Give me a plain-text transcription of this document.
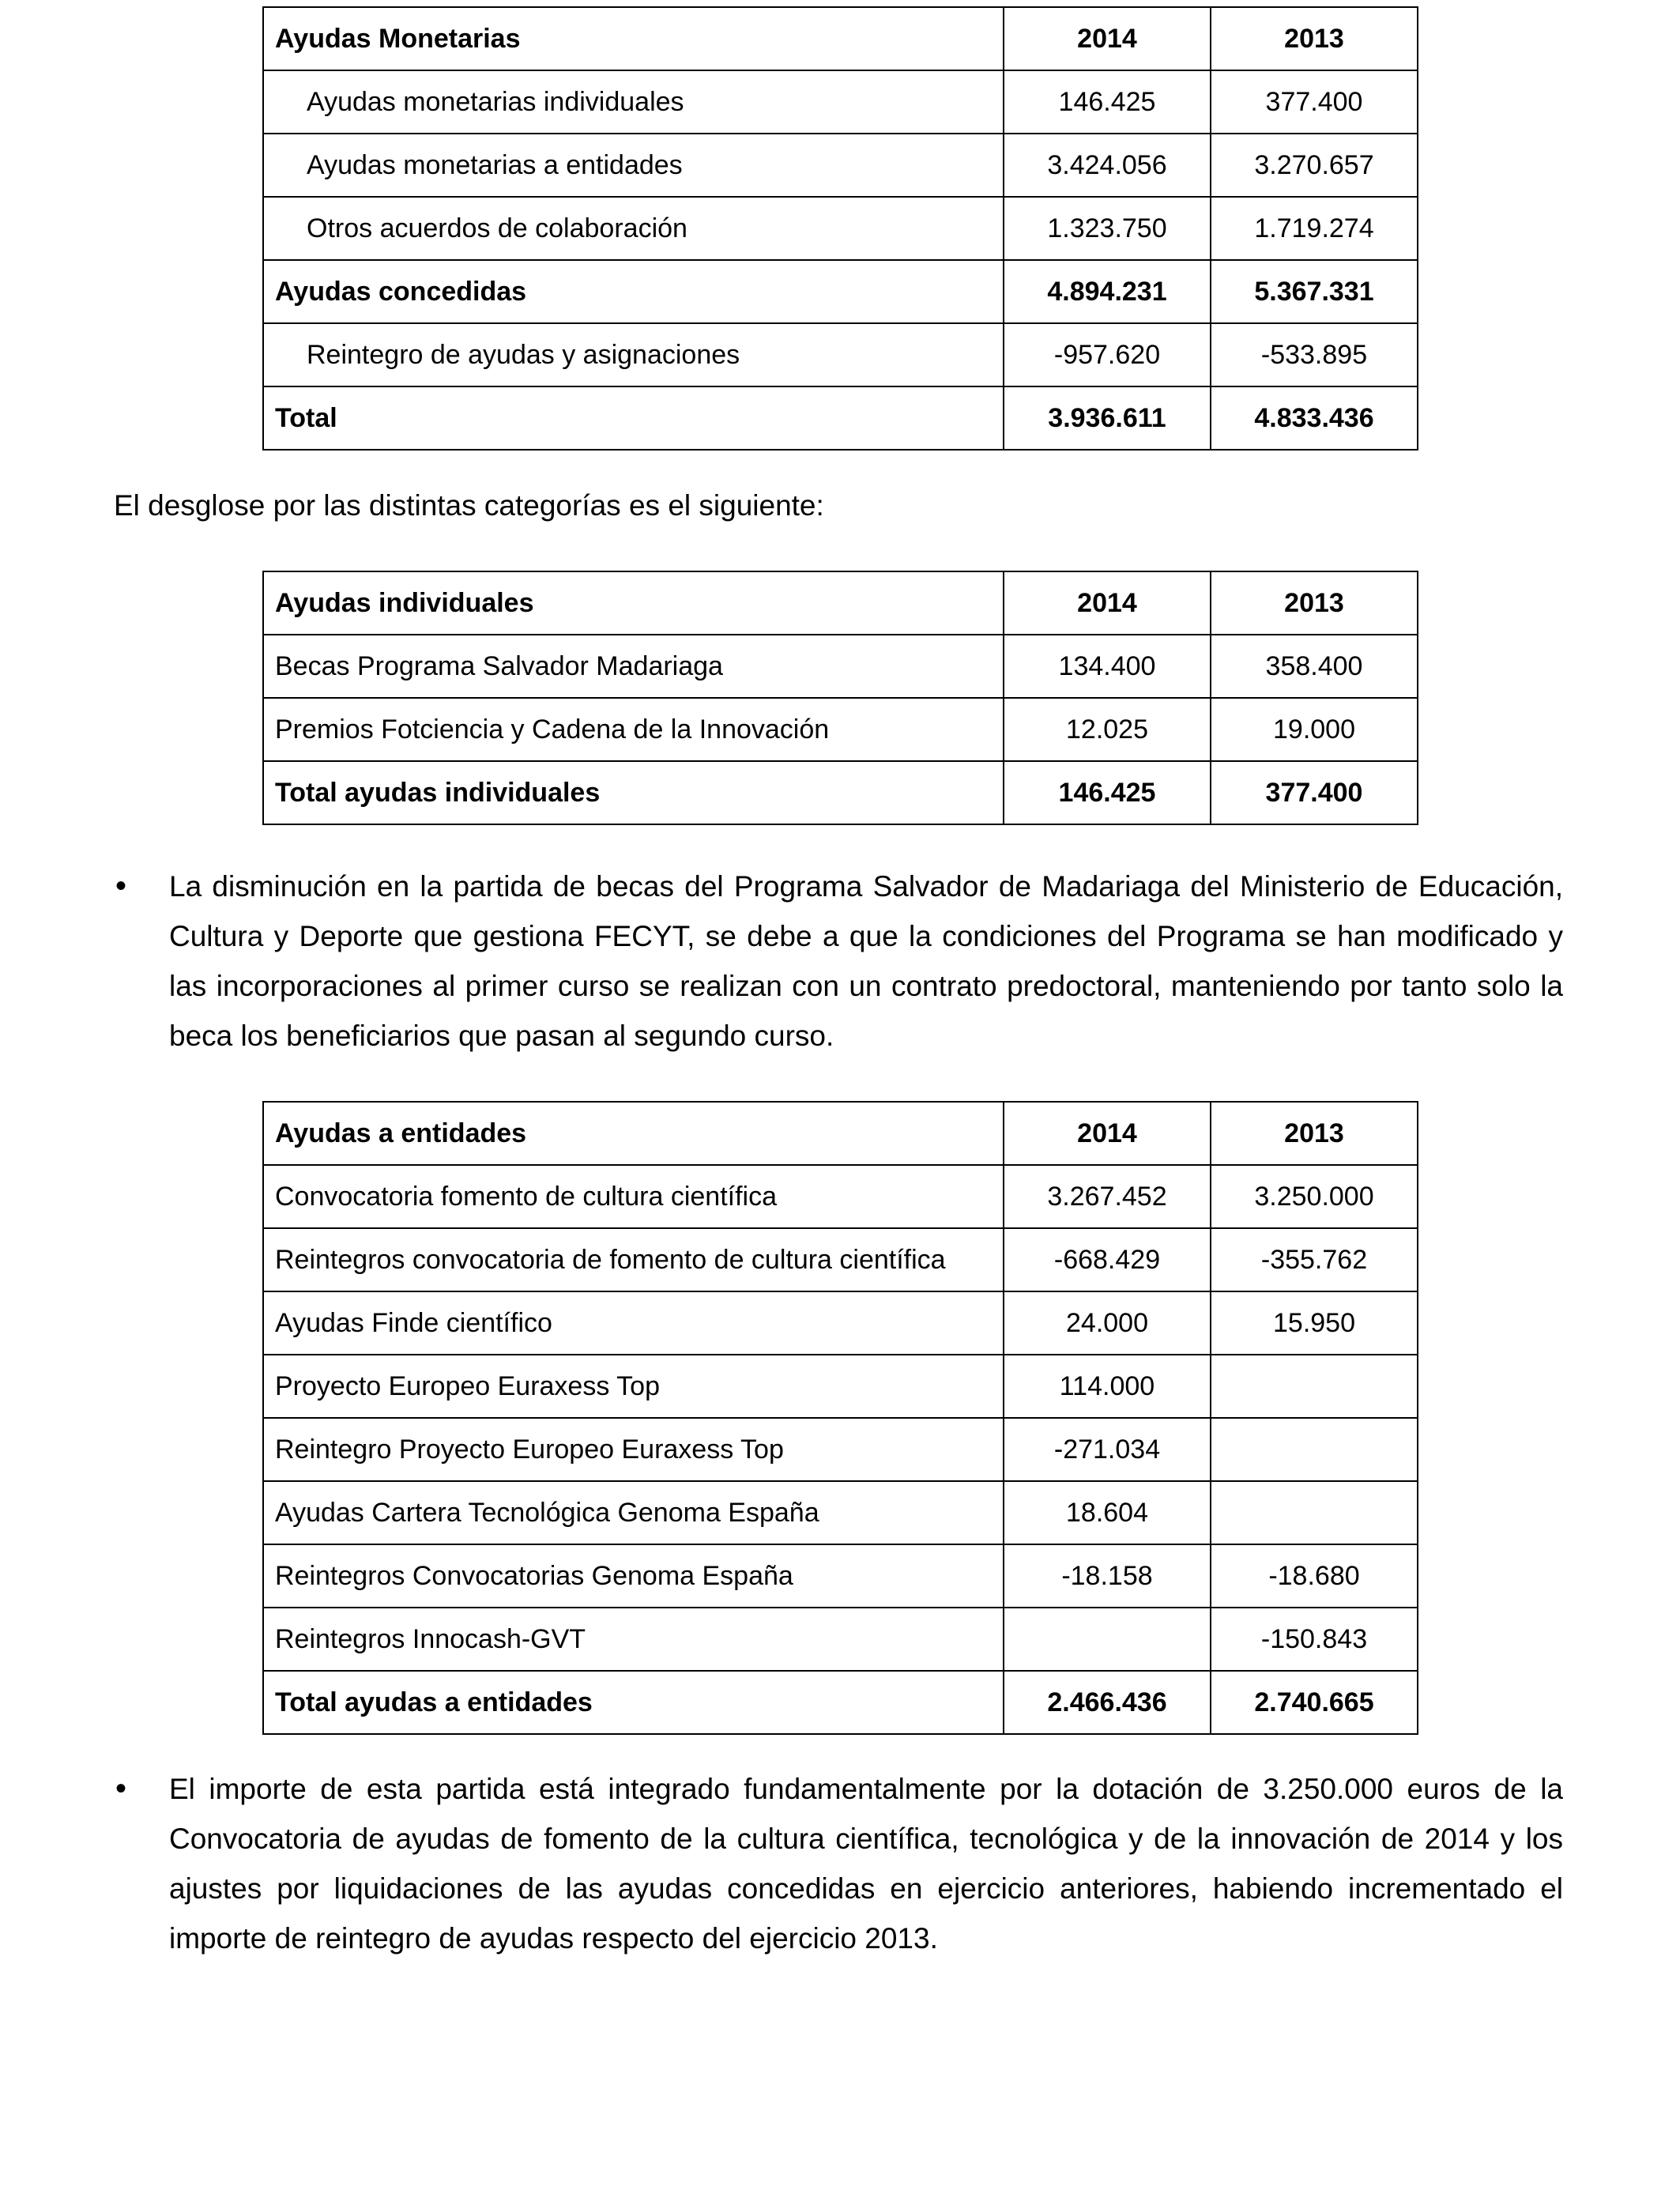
Ayudas Monetarias	2014	2013
Ayudas monetarias individuales	146.425	377.400
Ayudas monetarias a entidades	3.424.056	3.270.657
Otros acuerdos de colaboración	1.323.750	1.719.274
Ayudas concedidas	4.894.231	5.367.331
Reintegro de ayudas y asignaciones	-957.620	-533.895
Total	3.936.611	4.833.436

El desglose por las distintas categorías es el siguiente:

Ayudas individuales	2014	2013
Becas Programa Salvador Madariaga	134.400	358.400
Premios Fotciencia y Cadena de la Innovación	12.025	19.000
Total ayudas individuales	146.425	377.400
• La disminución en la partida de becas del Programa Salvador de Madariaga del Ministerio de Educación, Cultura y Deporte que gestiona FECYT, se debe a que la condiciones del Programa se han modificado y las incorporaciones al primer curso se realizan con un contrato predoctoral, manteniendo por tanto solo la beca los beneficiarios que pasan al segundo curso.

Ayudas a entidades	2014	2013
Convocatoria fomento de cultura científica	3.267.452	3.250.000
Reintegros convocatoria de fomento de cultura científica	-668.429	-355.762
Ayudas Finde científico	24.000	15.950
Proyecto Europeo Euraxess Top	114.000	
Reintegro Proyecto Europeo Euraxess Top	-271.034	
Ayudas Cartera Tecnológica Genoma España	18.604	
Reintegros Convocatorias Genoma España	-18.158	-18.680
Reintegros Innocash-GVT		-150.843
Total ayudas a entidades	2.466.436	2.740.665
• El importe de esta partida está integrado fundamentalmente por la dotación de 3.250.000 euros de la Convocatoria de ayudas de fomento de la cultura científica, tecnológica y de la innovación de 2014 y los ajustes por liquidaciones de las ayudas concedidas en ejercicio anteriores, habiendo incrementado el importe de reintegro de ayudas respecto del ejercicio 2013.
